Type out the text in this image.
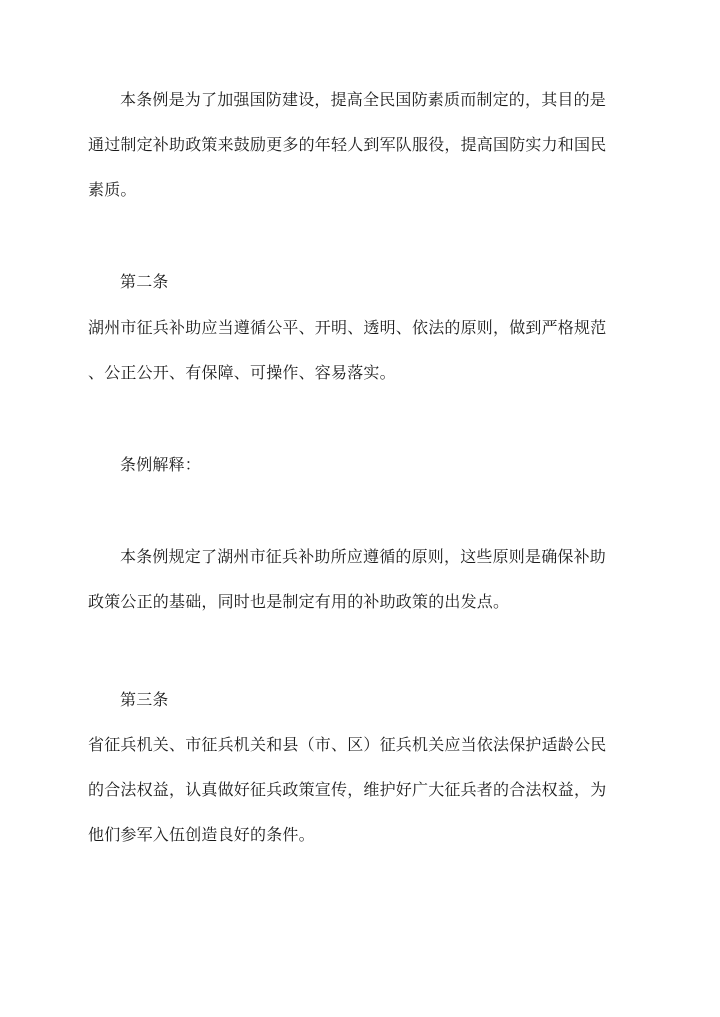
本条例是为了加强国防建设，提高全民国防素质而制定的，其目的是

通过制定补助政策来鼓励更多的年轻人到军队服役，提高国防实力和国民

素质。

第二条

湖州市征兵补助应当遵循公平、开明、透明、依法的原则，做到严格规范

、公正公开、有保障、可操作、容易落实。

条例解释：

本条例规定了湖州市征兵补助所应遵循的原则，这些原则是确保补助

政策公正的基础，同时也是制定有用的补助政策的出发点。

第三条

省征兵机关、市征兵机关和县（市、区）征兵机关应当依法保护适龄公民

的合法权益，认真做好征兵政策宣传，维护好广大征兵者的合法权益，为

他们参军入伍创造良好的条件。
